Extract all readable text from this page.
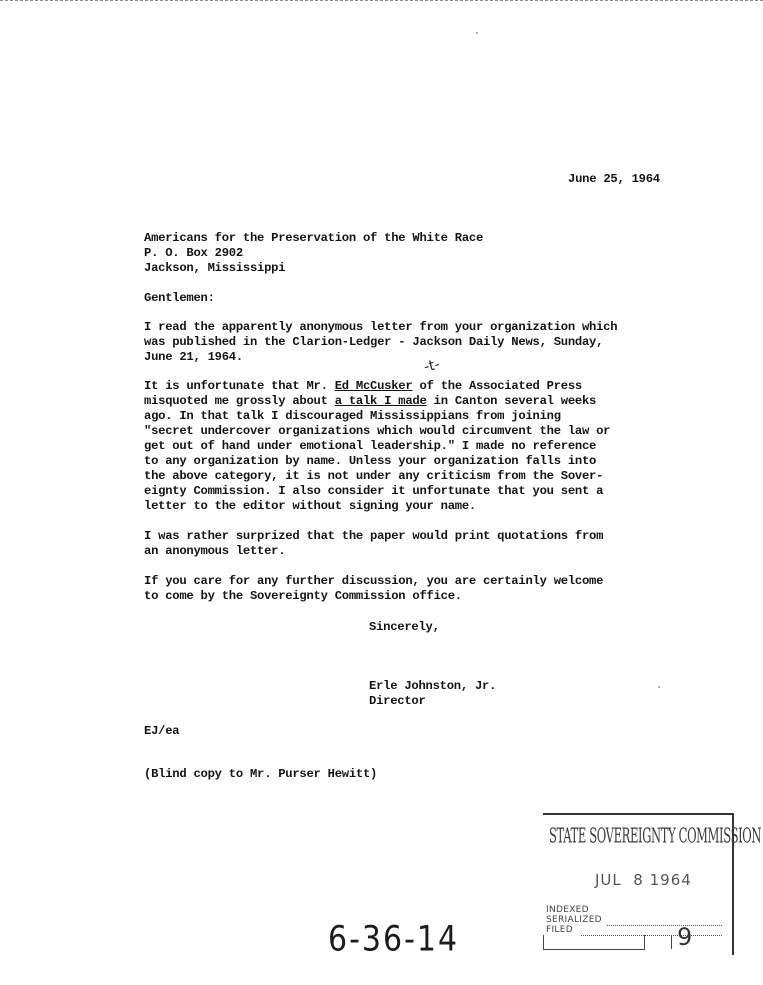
June 25, 1964
Americans for the Preservation of the White Race
P. O. Box 2902
Jackson, Mississippi
Gentlemen:
I read the apparently anonymous letter from your organization which
was published in the Clarion-Ledger - Jackson Daily News, Sunday,
June 21, 1964.	-t-
It is unfortunate that Mr. Ed McCusker of the Associated Press
misquoted me grossly about a talk I made in Canton several weeks
ago. In that talk I discouraged Mississippians from joining
"secret undercover organizations which would circumvent the law or
get out of hand under emotional leadership." I made no reference
to any organization by name. Unless your organization falls into
the above category, it is not under any criticism from the Sover-
eignty Commission. I also consider it unfortunate that you sent a
letter to the editor without signing your name.
I was rather surprized that the paper would print quotations from
an anonymous letter.
If you care for any further discussion, you are certainly welcome
to come by the Sovereignty Commission office.
Sincerely,
Erle Johnston, Jr.
Director
EJ/ea
(Blind copy to Mr. Purser Hewitt)
6-36-14
STATE SOVEREIGNTY COMMISSION
JUL  8 1964
INDEXED
SERIALIZED
FILED	9
